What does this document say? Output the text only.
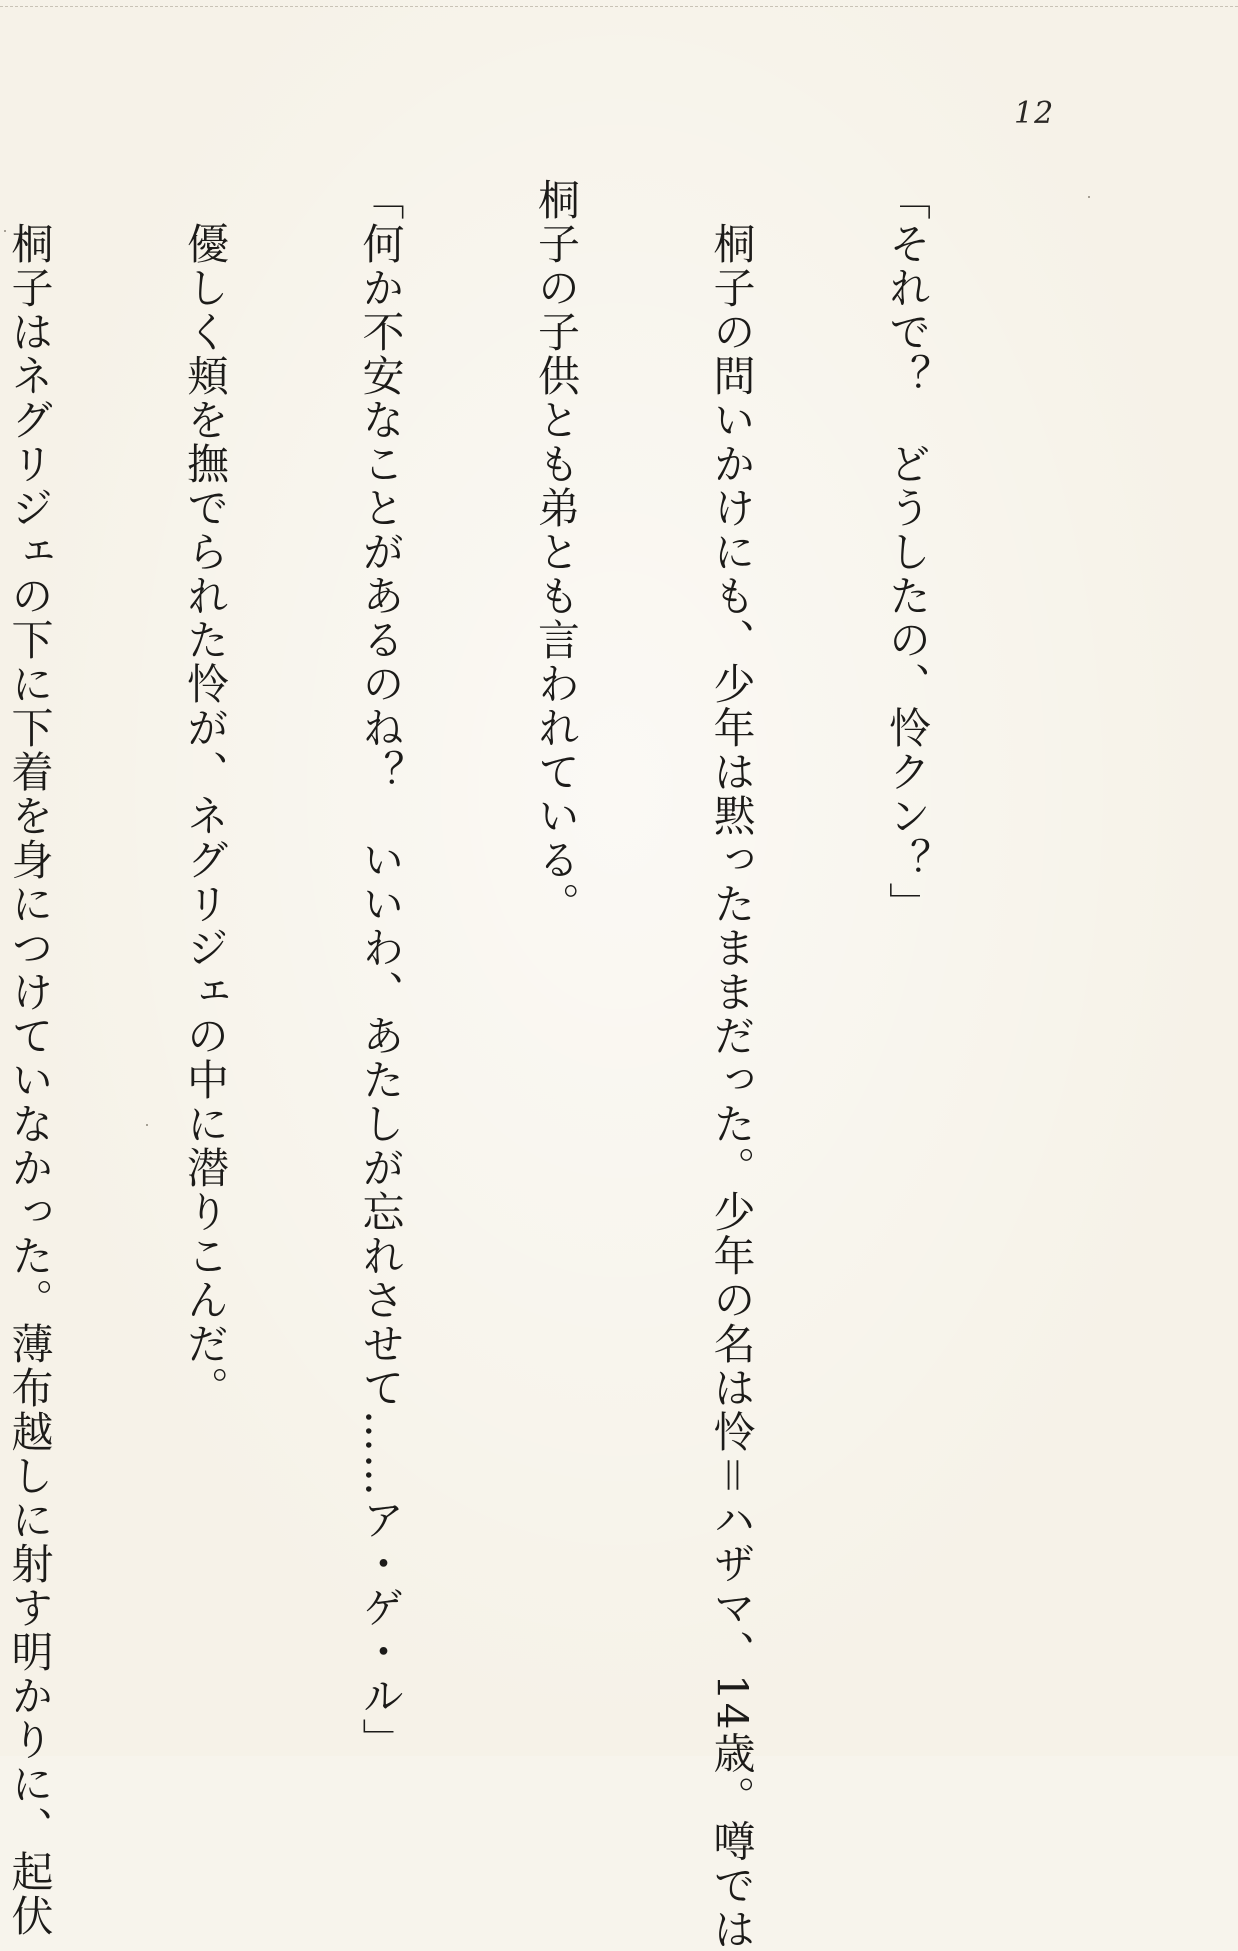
12

「それで？　どうしたの、怜クン？」

　桐子の問いかけにも、少年は黙ったままだった。少年の名は怜＝ハザマ、14歳。噂では

桐子の子供とも弟とも言われている。

「何か不安なことがあるのね？　いいわ、あたしが忘れさせて……ア・ゲ・ル」

　優しく頬を撫でられた怜が、ネグリジェの中に潜りこんだ。

　桐子はネグリジェの下に下着を身につけていなかった。薄布越しに射す明かりに、起伏
